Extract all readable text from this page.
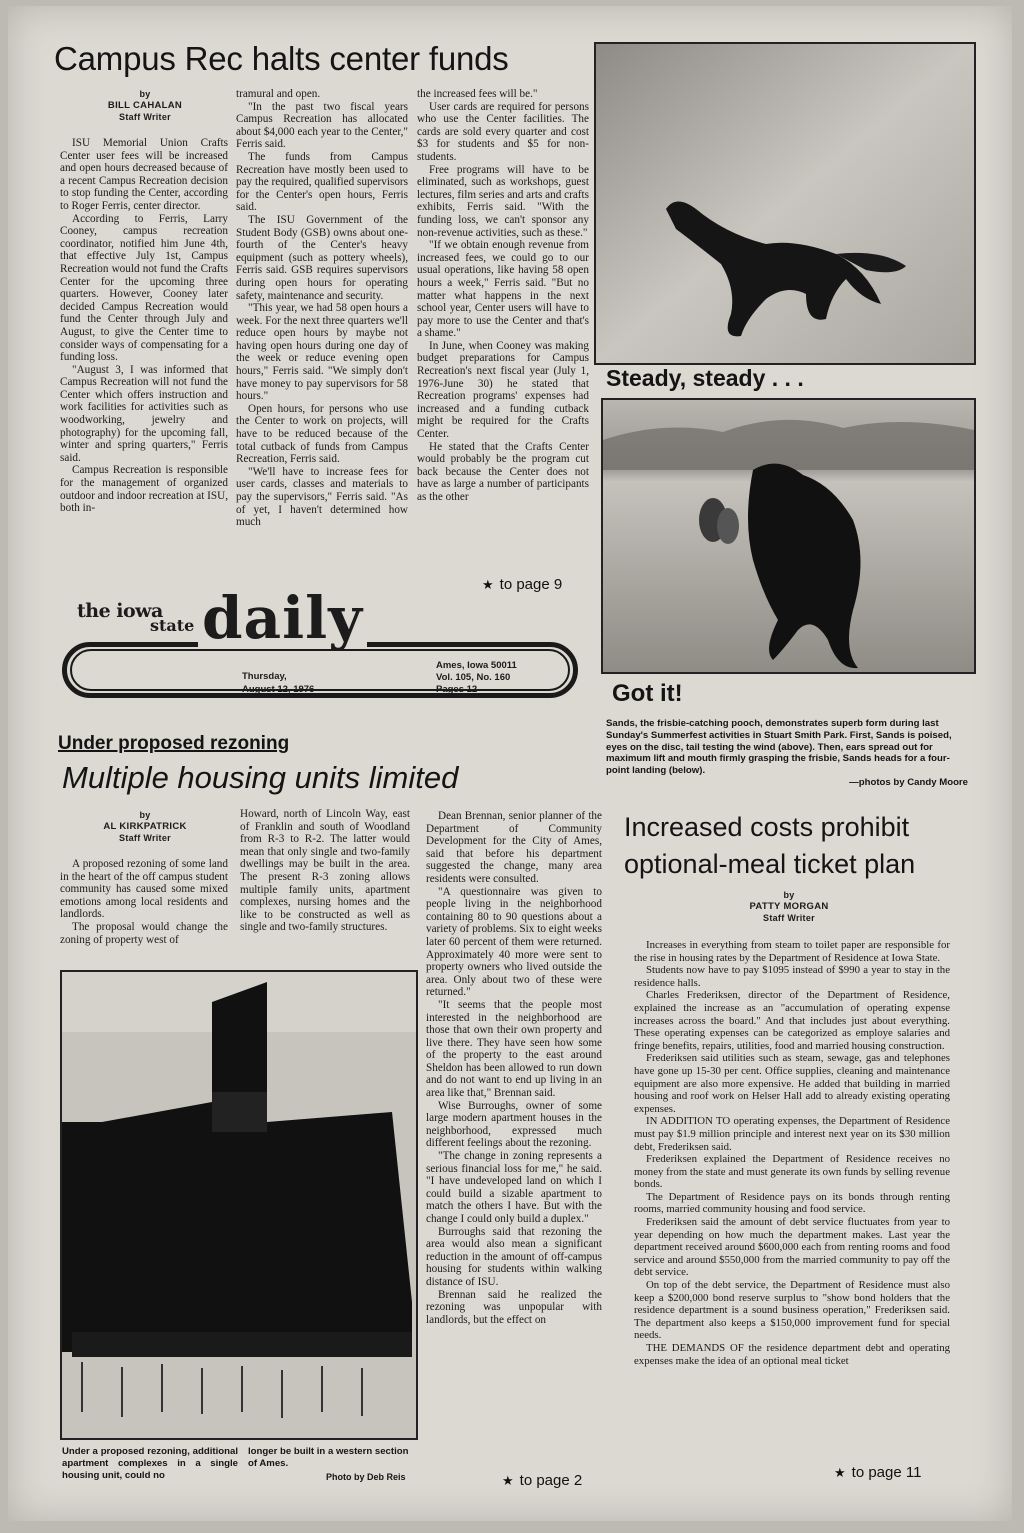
Campus Rec halts center funds
by
BILL CAHALAN
Staff Writer

ISU Memorial Union Crafts Center user fees will be increased and open hours decreased because of a recent Campus Recreation decision to stop funding the Center, according to Roger Ferris, center director.

According to Ferris, Larry Cooney, campus recreation coordinator, notified him June 4th, that effective July 1st, Campus Recreation would not fund the Crafts Center for the upcoming three quarters. However, Cooney later decided Campus Recreation would fund the Center through July and August, to give the Center time to consider ways of compensating for a funding loss.

"August 3, I was informed that Campus Recreation will not fund the Center which offers instruction and work facilities for activities such as woodworking, jewelry and photography) for the upcoming fall, winter and spring quarters," Ferris said.

Campus Recreation is responsible for the management of organized outdoor and indoor recreation at ISU, both in-

tramural and open.

"In the past two fiscal years Campus Recreation has allocated about $4,000 each year to the Center," Ferris said.

The funds from Campus Recreation have mostly been used to pay the required, qualified supervisors for the Center's open hours, Ferris said.

The ISU Government of the Student Body (GSB) owns about one-fourth of the Center's heavy equipment (such as pottery wheels), Ferris said. GSB requires supervisors during open hours for operating safety, maintenance and security.

"This year, we had 58 open hours a week. For the next three quarters we'll reduce open hours by maybe not having open hours during one day of the week or reduce evening open hours," Ferris said. "We simply don't have money to pay supervisors for 58 hours."

Open hours, for persons who use the Center to work on projects, will have to be reduced because of the total cutback of funds from Campus Recreation, Ferris said.

"We'll have to increase fees for user cards, classes and materials to pay the supervisors," Ferris said. "As of yet, I haven't determined how much

the increased fees will be."

User cards are required for persons who use the Center facilities. The cards are sold every quarter and cost $3 for students and $5 for non-students.

Free programs will have to be eliminated, such as workshops, guest lectures, film series and arts and crafts exhibits, Ferris said. "With the funding loss, we can't sponsor any non-revenue activities, such as these."

"If we obtain enough revenue from increased fees, we could go to our usual operations, like having 58 open hours a week," Ferris said. "But no matter what happens in the next school year, Center users will have to pay more to use the Center and that's a shame."

In June, when Cooney was making budget preparations for Campus Recreation's next fiscal year (July 1, 1976-June 30) he stated that Recreation programs' expenses had increased and a funding cutback might be required for the Crafts Center.

He stated that the Crafts Center would probably be the program cut back because the Center does not have as large a number of participants as the other

★ to page 9
Steady, steady . . .
Got it!
Sands, the frisbie-catching pooch, demonstrates superb form during last Sunday's Summerfest activities in Stuart Smith Park. First, Sands is poised, eyes on the disc, tail testing the wind (above). Then, ears spread out for maximum lift and mouth firmly grasping the frisbie, Sands heads for a four-point landing (below).
—photos by Candy Moore
the iowa
state daily
Thursday,
August 12, 1976
Ames, Iowa 50011
Vol. 105, No. 160
Pages 12
Under proposed rezoning
Multiple housing units limited
by
AL KIRKPATRICK
Staff Writer

A proposed rezoning of some land in the heart of the off campus student community has caused some mixed emotions among local residents and landlords.

The proposal would change the zoning of property west of

Howard, north of Lincoln Way, east of Franklin and south of Woodland from R-3 to R-2. The latter would mean that only single and two-family dwellings may be built in the area. The present R-3 zoning allows multiple family units, apartment complexes, nursing homes and the like to be constructed as well as single and two-family structures.

Under a proposed rezoning, additional apartment complexes in a single housing unit, could no
longer be built in a western section of Ames.
Photo by Deb Reis

Dean Brennan, senior planner of the Department of Community Development for the City of Ames, said that before his department suggested the change, many area residents were consulted.

"A questionnaire was given to people living in the neighborhood containing 80 to 90 questions about a variety of problems. Six to eight weeks later 60 percent of them were returned. Approximately 40 more were sent to property owners who lived outside the area. Only about two of these were returned."

"It seems that the people most interested in the neighborhood are those that own their own property and live there. They have seen how some of the property to the east around Sheldon has been allowed to run down and do not want to end up living in an area like that," Brennan said.

Wise Burroughs, owner of some large modern apartment houses in the neighborhood, expressed much different feelings about the rezoning.

"The change in zoning represents a serious financial loss for me," he said. "I have undeveloped land on which I could build a sizable apartment to match the others I have. But with the change I could only build a duplex."

Burroughs said that rezoning the area would also mean a significant reduction in the amount of off-campus housing for students within walking distance of ISU.

Brennan said he realized the rezoning was unpopular with landlords, but the effect on

★ to page 2
Increased costs prohibit
optional-meal ticket plan
by
PATTY MORGAN
Staff Writer

Increases in everything from steam to toilet paper are responsible for the rise in housing rates by the Department of Residence at Iowa State.

Students now have to pay $1095 instead of $990 a year to stay in the residence halls.

Charles Frederiksen, director of the Department of Residence, explained the increase as an "accumulation of operating expense increases across the board." And that includes just about everything. These operating expenses can be categorized as employe salaries and fringe benefits, repairs, utilities, food and married housing construction.

Frederiksen said utilities such as steam, sewage, gas and telephones have gone up 15-30 per cent. Office supplies, cleaning and maintenance equipment are also more expensive. He added that building in married housing and roof work on Helser Hall add to already existing operating expenses.

IN ADDITION TO operating expenses, the Department of Residence must pay $1.9 million principle and interest next year on its $30 million debt, Frederiksen said.

Frederiksen explained the Department of Residence receives no money from the state and must generate its own funds by selling revenue bonds.

The Department of Residence pays on its bonds through renting rooms, married community housing and food service.

Frederiksen said the amount of debt service fluctuates from year to year depending on how much the department makes. Last year the department received around $600,000 each from renting rooms and food service and around $550,000 from the married community to pay off the debt service.

On top of the debt service, the Department of Residence must also keep a $200,000 bond reserve surplus to "show bond holders that the residence department is a sound business operation," Frederiksen said. The department also keeps a $150,000 improvement fund for special needs.

THE DEMANDS OF the residence department debt and operating expenses make the idea of an optional meal ticket

★ to page 11
